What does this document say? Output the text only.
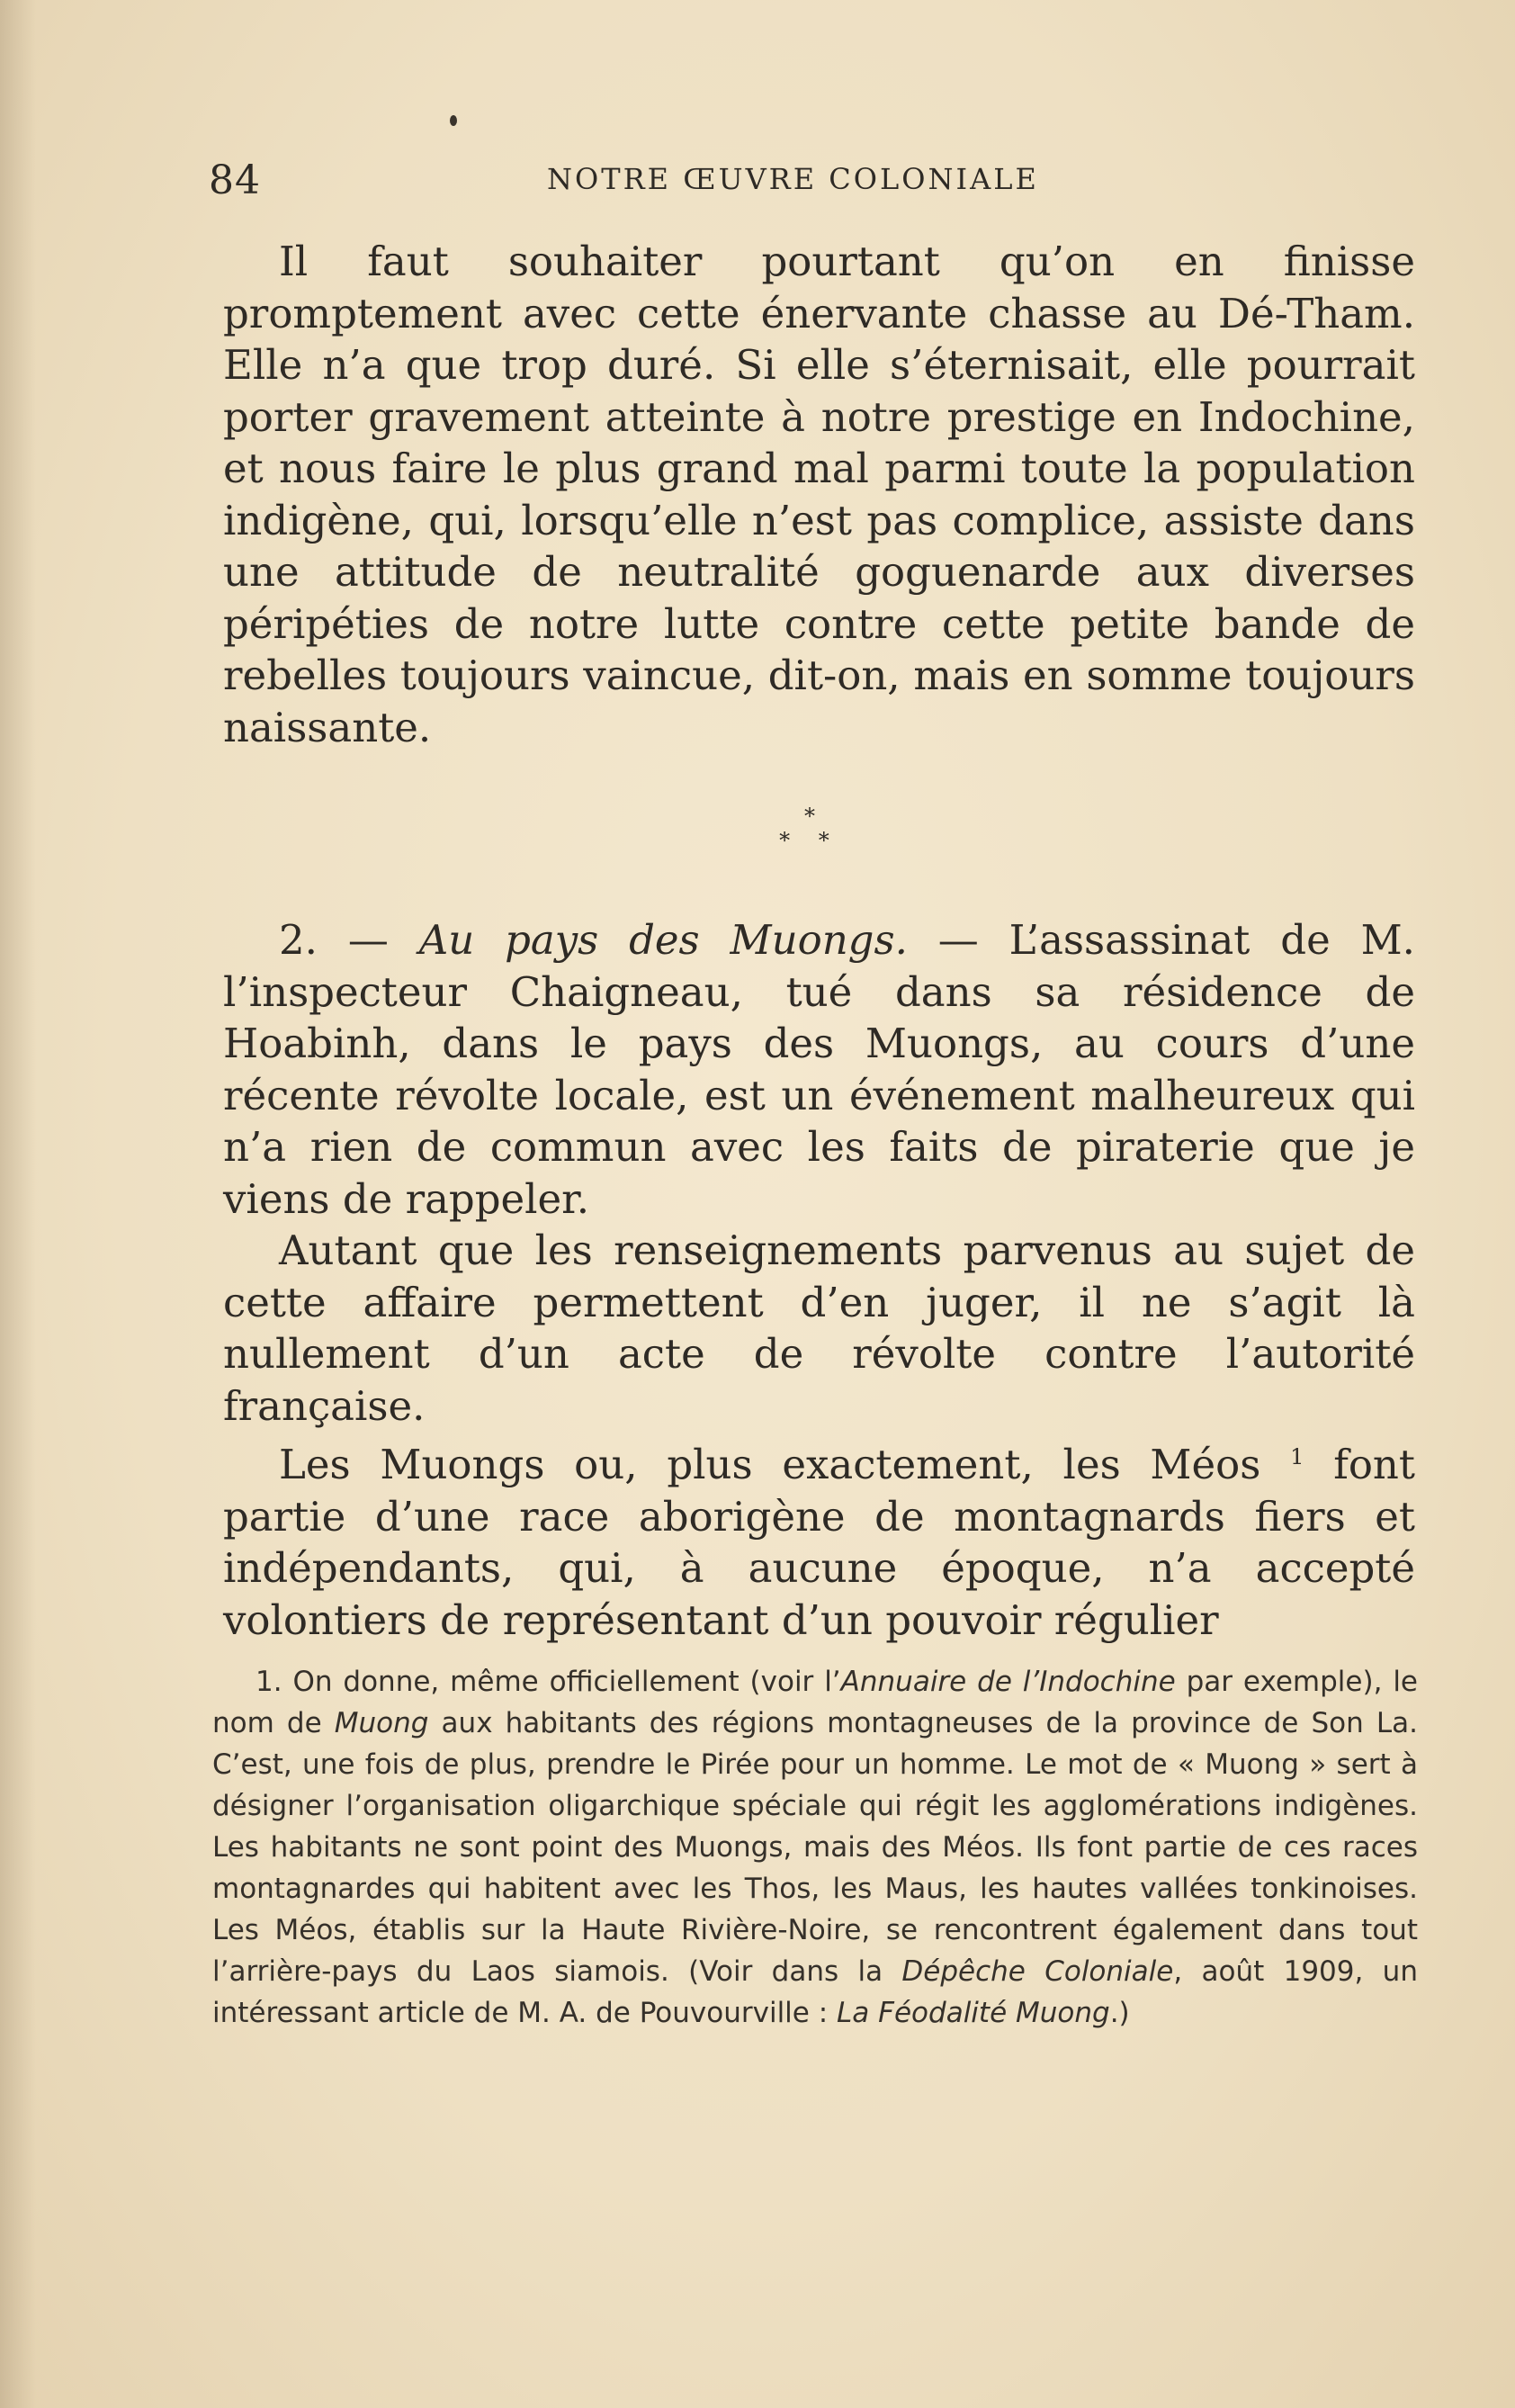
84	NOTRE ŒUVRE COLONIALE

Il faut souhaiter pourtant qu’on en finisse promptement avec cette énervante chasse au Dé-Tham. Elle n’a que trop duré. Si elle s’éternisait, elle pourrait porter gravement atteinte à notre prestige en Indochine, et nous faire le plus grand mal parmi toute la population indigène, qui, lorsqu’elle n’est pas complice, assiste dans une attitude de neutralité goguenarde aux diverses péripéties de notre lutte contre cette petite bande de rebelles toujours vaincue, dit-on, mais en somme toujours naissante.

*
* *

2. — Au pays des Muongs. — L’assassinat de M. l’inspecteur Chaigneau, tué dans sa résidence de Hoabinh, dans le pays des Muongs, au cours d’une récente révolte locale, est un événement malheureux qui n’a rien de commun avec les faits de piraterie que je viens de rappeler.

Autant que les renseignements parvenus au sujet de cette affaire permettent d’en juger, il ne s’agit là nullement d’un acte de révolte contre l’autorité française.

Les Muongs ou, plus exactement, les Méos $^1$ font partie d’une race aborigène de montagnards fiers et indépendants, qui, à aucune époque, n’a accepté volontiers de représentant d’un pouvoir régulier

1. On donne, même officiellement (voir l’Annuaire de l’Indochine par exemple), le nom de Muong aux habitants des régions montagneuses de la province de Son La. C’est, une fois de plus, prendre le Pirée pour un homme. Le mot de « Muong » sert à désigner l’organisation oligarchique spéciale qui régit les agglomérations indigènes. Les habitants ne sont point des Muongs, mais des Méos. Ils font partie de ces races montagnardes qui habitent avec les Thos, les Maus, les hautes vallées tonkinoises. Les Méos, établis sur la Haute Rivière-Noire, se rencontrent également dans tout l’arrière-pays du Laos siamois. (Voir dans la Dépêche Coloniale, août 1909, un intéressant article de M. A. de Pouvourville : La Féodalité Muong.)
